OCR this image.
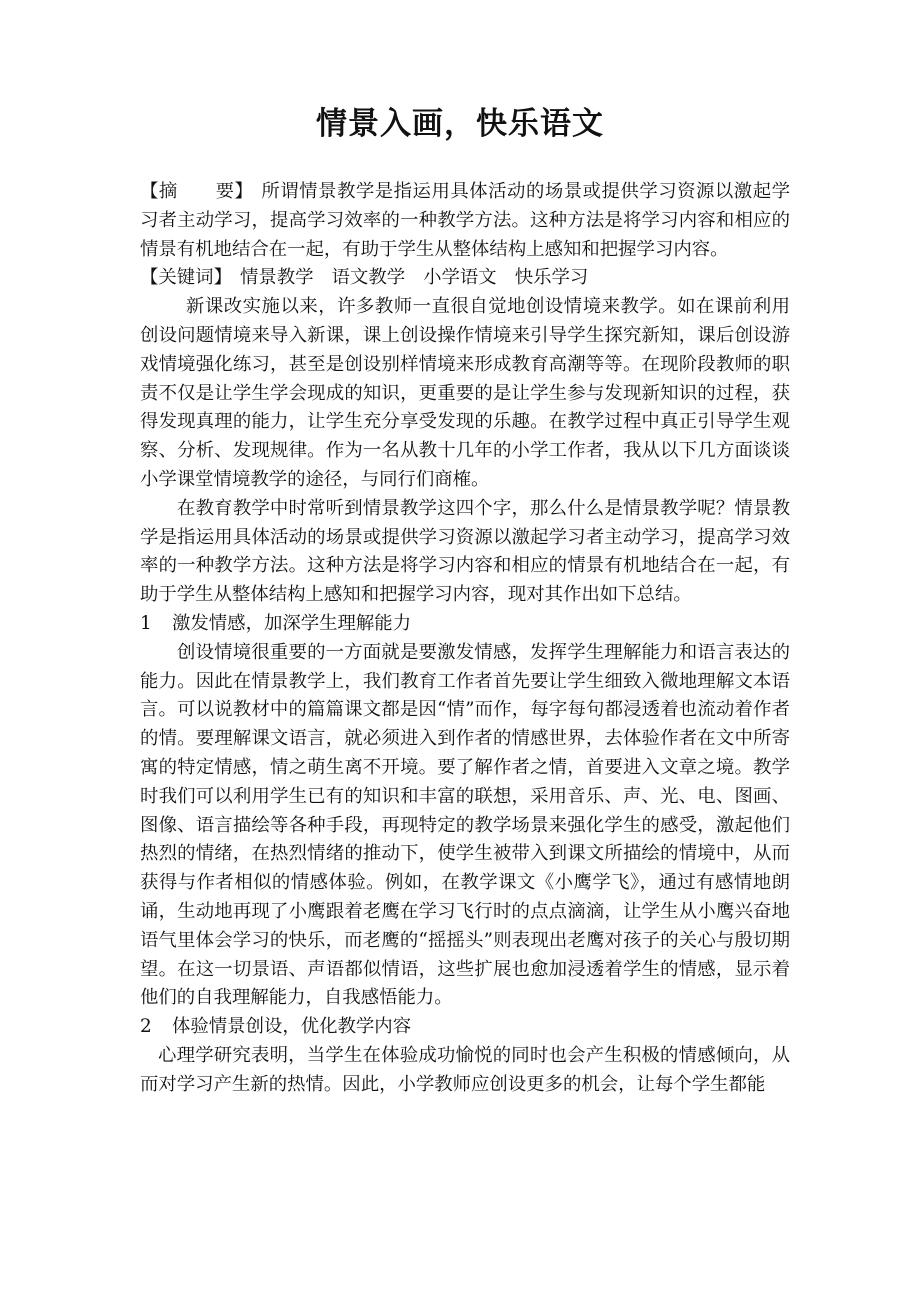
情景入画，快乐语文

【摘　　要】 所谓情景教学是指运用具体活动的场景或提供学习资源以激起学习者主动学习，提高学习效率的一种教学方法。这种方法是将学习内容和相应的情景有机地结合在一起，有助于学生从整体结构上感知和把握学习内容。

【关键词】 情景教学 语文教学 小学语文 快乐学习

新课改实施以来，许多教师一直很自觉地创设情境来教学。如在课前利用创设问题情境来导入新课，课上创设操作情境来引导学生探究新知，课后创设游戏情境强化练习，甚至是创设别样情境来形成教育高潮等等。在现阶段教师的职责不仅是让学生学会现成的知识，更重要的是让学生参与发现新知识的过程，获得发现真理的能力，让学生充分享受发现的乐趣。在教学过程中真正引导学生观察、分析、发现规律。作为一名从教十几年的小学工作者，我从以下几方面谈谈小学课堂情境教学的途径，与同行们商榷。

在教育教学中时常听到情景教学这四个字，那么什么是情景教学呢？情景教学是指运用具体活动的场景或提供学习资源以激起学习者主动学习，提高学习效率的一种教学方法。这种方法是将学习内容和相应的情景有机地结合在一起，有助于学生从整体结构上感知和把握学习内容，现对其作出如下总结。

1 激发情感，加深学生理解能力

创设情境很重要的一方面就是要激发情感，发挥学生理解能力和语言表达的能力。因此在情景教学上，我们教育工作者首先要让学生细致入微地理解文本语言。可以说教材中的篇篇课文都是因“情”而作，每字每句都浸透着也流动着作者的情。要理解课文语言，就必须进入到作者的情感世界，去体验作者在文中所寄寓的特定情感，情之萌生离不开境。要了解作者之情，首要进入文章之境。教学时我们可以利用学生已有的知识和丰富的联想，采用音乐、声、光、电、图画、图像、语言描绘等各种手段，再现特定的教学场景来强化学生的感受，激起他们热烈的情绪，在热烈情绪的推动下，使学生被带入到课文所描绘的情境中，从而获得与作者相似的情感体验。例如，在教学课文《小鹰学飞》，通过有感情地朗诵，生动地再现了小鹰跟着老鹰在学习飞行时的点点滴滴，让学生从小鹰兴奋地语气里体会学习的快乐，而老鹰的“摇摇头”则表现出老鹰对孩子的关心与殷切期望。在这一切景语、声语都似情语，这些扩展也愈加浸透着学生的情感，显示着他们的自我理解能力，自我感悟能力。

2 体验情景创设，优化教学内容

心理学研究表明，当学生在体验成功愉悦的同时也会产生积极的情感倾向，从而对学习产生新的热情。因此，小学教师应创设更多的机会，让每个学生都能
